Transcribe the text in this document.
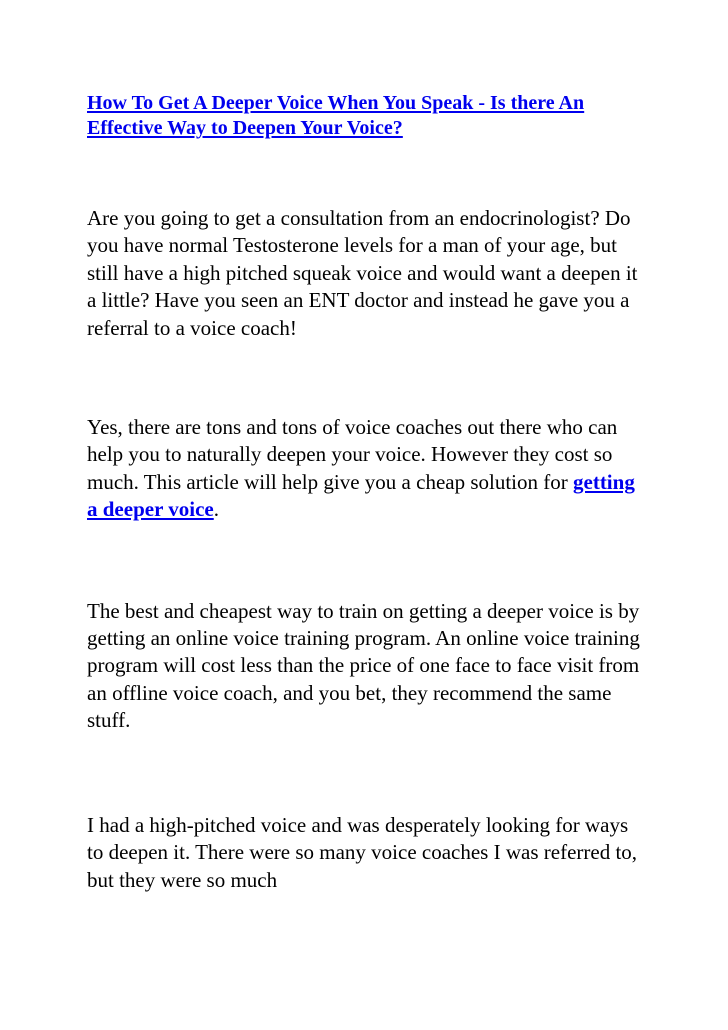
How To Get A Deeper Voice When You Speak - Is there An Effective Way to Deepen Your Voice?

Are you going to get a consultation from an endocrinologist? Do you have normal Testosterone levels for a man of your age, but still have a high pitched squeak voice and would want a deepen it a little? Have you seen an ENT doctor and instead he gave you a referral to a voice coach!

Yes, there are tons and tons of voice coaches out there who can help you to naturally deepen your voice. However they cost so much. This article will help give you a cheap solution for getting a deeper voice.

The best and cheapest way to train on getting a deeper voice is by getting an online voice training program. An online voice training program will cost less than the price of one face to face visit from an offline voice coach, and you bet, they recommend the same stuff.

I had a high-pitched voice and was desperately looking for ways to deepen it. There were so many voice coaches I was referred to, but they were so much
